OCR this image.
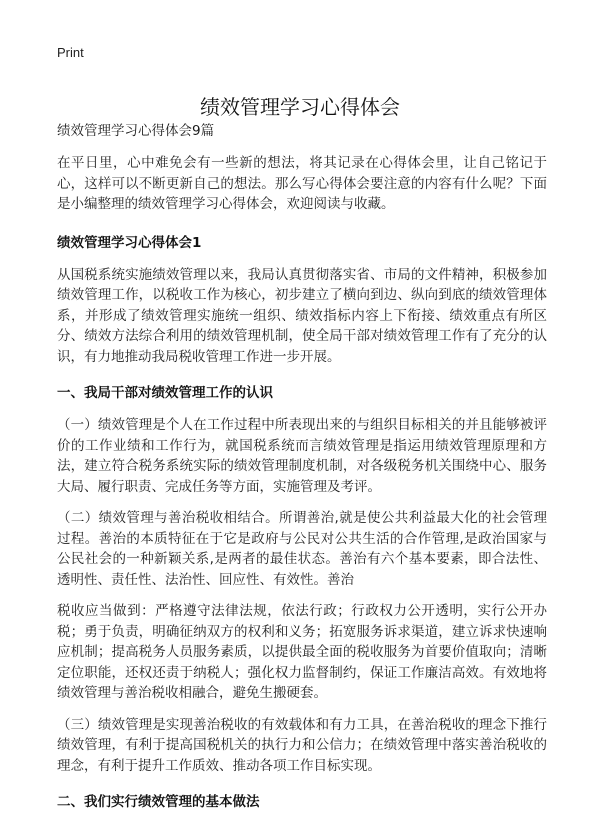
Print
绩效管理学习心得体会
绩效管理学习心得体会9篇

在平日里，心中难免会有一些新的想法，将其记录在心得体会里，让自己铭记于心，这样可以不断更新自己的想法。那么写心得体会要注意的内容有什么呢？下面是小编整理的绩效管理学习心得体会，欢迎阅读与收藏。

绩效管理学习心得体会1

从国税系统实施绩效管理以来，我局认真贯彻落实省、市局的文件精神，积极参加绩效管理工作，以税收工作为核心，初步建立了横向到边、纵向到底的绩效管理体系，并形成了绩效管理实施统一组织、绩效指标内容上下衔接、绩效重点有所区分、绩效方法综合利用的绩效管理机制，使全局干部对绩效管理工作有了充分的认识，有力地推动我局税收管理工作进一步开展。

一、我局干部对绩效管理工作的认识

（一）绩效管理是个人在工作过程中所表现出来的与组织目标相关的并且能够被评价的工作业绩和工作行为，就国税系统而言绩效管理是指运用绩效管理原理和方法，建立符合税务系统实际的绩效管理制度机制，对各级税务机关围绕中心、服务大局、履行职责、完成任务等方面，实施管理及考评。

（二）绩效管理与善治税收相结合。所谓善治,就是使公共利益最大化的社会管理过程。善治的本质特征在于它是政府与公民对公共生活的合作管理,是政治国家与公民社会的一种新颖关系,是两者的最佳状态。善治有六个基本要素，即合法性、透明性、责任性、法治性、回应性、有效性。善治

税收应当做到：严格遵守法律法规，依法行政；行政权力公开透明，实行公开办税；勇于负责，明确征纳双方的权利和义务；拓宽服务诉求渠道，建立诉求快速响应机制；提高税务人员服务素质，以提供最全面的税收服务为首要价值取向；清晰定位职能，还权还责于纳税人；强化权力监督制约，保证工作廉洁高效。有效地将绩效管理与善治税收相融合，避免生搬硬套。

（三）绩效管理是实现善治税收的有效载体和有力工具，在善治税收的理念下推行绩效管理，有利于提高国税机关的执行力和公信力；在绩效管理中落实善治税收的理念，有利于提升工作质效、推动各项工作目标实现。

二、我们实行绩效管理的基本做法
